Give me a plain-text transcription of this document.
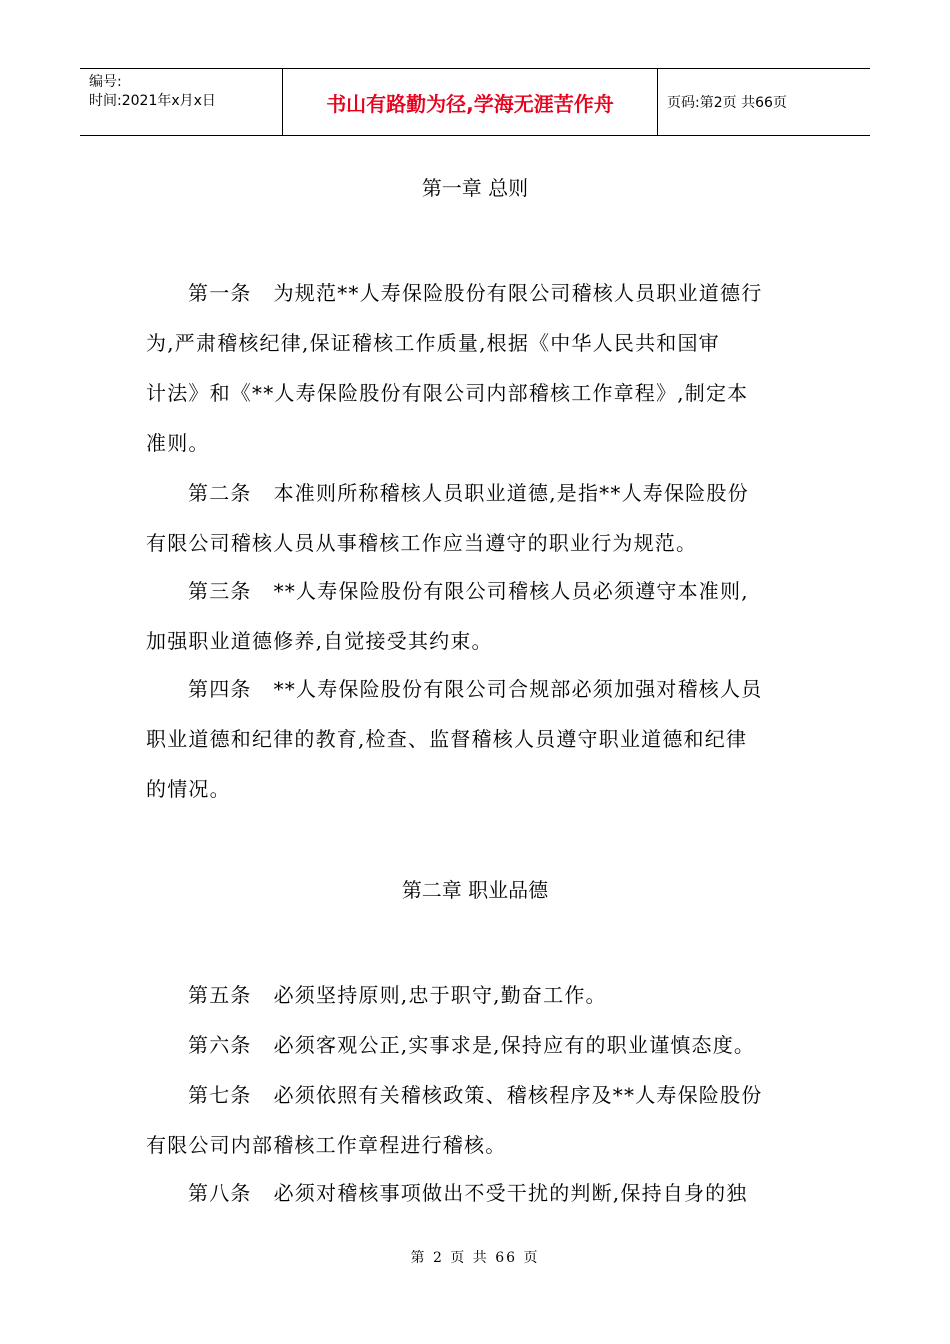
编号:
时间:2021年x月x日	书山有路勤为径,学海无涯苦作舟	页码:第2页 共66页
第一章 总则
第一条 为规范**人寿保险股份有限公司稽核人员职业道德行
为,严肃稽核纪律,保证稽核工作质量,根据《中华人民共和国审
计法》和《**人寿保险股份有限公司内部稽核工作章程》,制定本
准则。
第二条 本准则所称稽核人员职业道德,是指**人寿保险股份
有限公司稽核人员从事稽核工作应当遵守的职业行为规范。
第三条 **人寿保险股份有限公司稽核人员必须遵守本准则,
加强职业道德修养,自觉接受其约束。
第四条 **人寿保险股份有限公司合规部必须加强对稽核人员
职业道德和纪律的教育,检查、监督稽核人员遵守职业道德和纪律
的情况。
第二章 职业品德
第五条 必须坚持原则,忠于职守,勤奋工作。
第六条 必须客观公正,实事求是,保持应有的职业谨慎态度。
第七条 必须依照有关稽核政策、稽核程序及**人寿保险股份
有限公司内部稽核工作章程进行稽核。
第八条 必须对稽核事项做出不受干扰的判断,保持自身的独
第 2 页 共 66 页
